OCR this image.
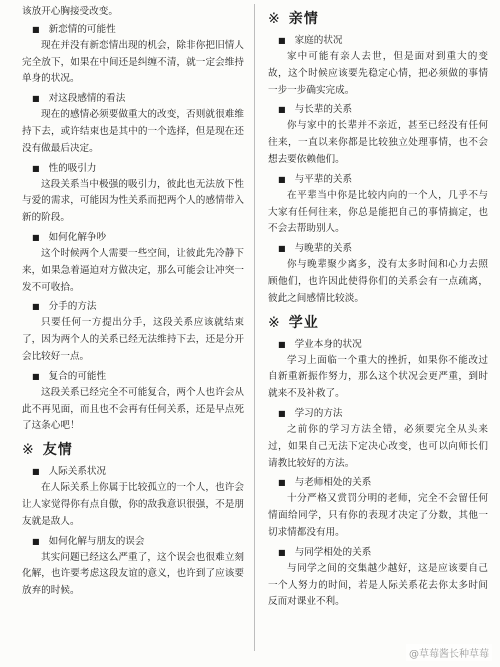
该放开心胸接受改变。
■ 新恋情的可能性
现在并没有新恋情出现的机会，除非你把旧情人完全放下，如果在中间还是纠缠不清，就一定会维持单身的状况。
■ 对这段感情的看法
现在的感情必须要做重大的改变，否则就很难维持下去，或许结束也是其中的一个选择，但是现在还没有做最后决定。
■ 性的吸引力
这段关系当中极强的吸引力，彼此也无法放下性与爱的需求，可能因为性关系而把两个人的感情带入新的阶段。
■ 如何化解争吵
这个时候两个人需要一些空间，让彼此先冷静下来，如果急着逼迫对方做决定，那么可能会让冲突一发不可收拾。
■ 分手的方法
只要任何一方提出分手，这段关系应该就结束了，因为两个人的关系已经无法维持下去，还是分开会比较好一点。
■ 复合的可能性
这段关系已经完全不可能复合，两个人也许会从此不再见面，而且也不会再有任何关系，还是早点死了这条心吧！
※ 友情
■ 人际关系状况
在人际关系上你属于比较孤立的一个人，也许会让人家觉得你有点自傲，你的敌我意识很强，不是朋友就是敌人。
■ 如何化解与朋友的误会
其实问题已经这么严重了，这个误会也很难立刻化解，也许要考虑这段友谊的意义，也许到了应该要放弃的时候。
※ 亲情
■ 家庭的状况
家中可能有亲人去世，但是面对到重大的变故，这个时候应该要先稳定心情，把必须做的事情一步一步确实完成。
■ 与长辈的关系
你与家中的长辈并不亲近，甚至已经没有任何往来，一直以来你都是比较独立处理事情，也不会想去要依赖他们。
■ 与平辈的关系
在平辈当中你是比较内向的一个人，几乎不与大家有任何往来，你总是能把自己的事情搞定，也不会去帮助别人。
■ 与晚辈的关系
你与晚辈聚少离多，没有太多时间和心力去照顾他们，也许因此使得你们的关系会有一点疏离，彼此之间感情比较淡。
※ 学业
■ 学业本身的状况
学习上面临一个重大的挫折，如果你不能改过自新重新振作努力，那么这个状况会更严重，到时就来不及补救了。
■ 学习的方法
之前你的学习方法全错，必须要完全从头来过，如果自己无法下定决心改变，也可以向师长们请教比较好的方法。
■ 与老师相处的关系
十分严格又赏罚分明的老师，完全不会留任何情面给同学，只有你的表现才决定了分数，其他一切求情都没有用。
■ 与同学相处的关系
与同学之间的交集越少越好，这是应该要自己一个人努力的时间，若是人际关系花去你太多时间反而对课业不利。
@草莓酱长种草莓
